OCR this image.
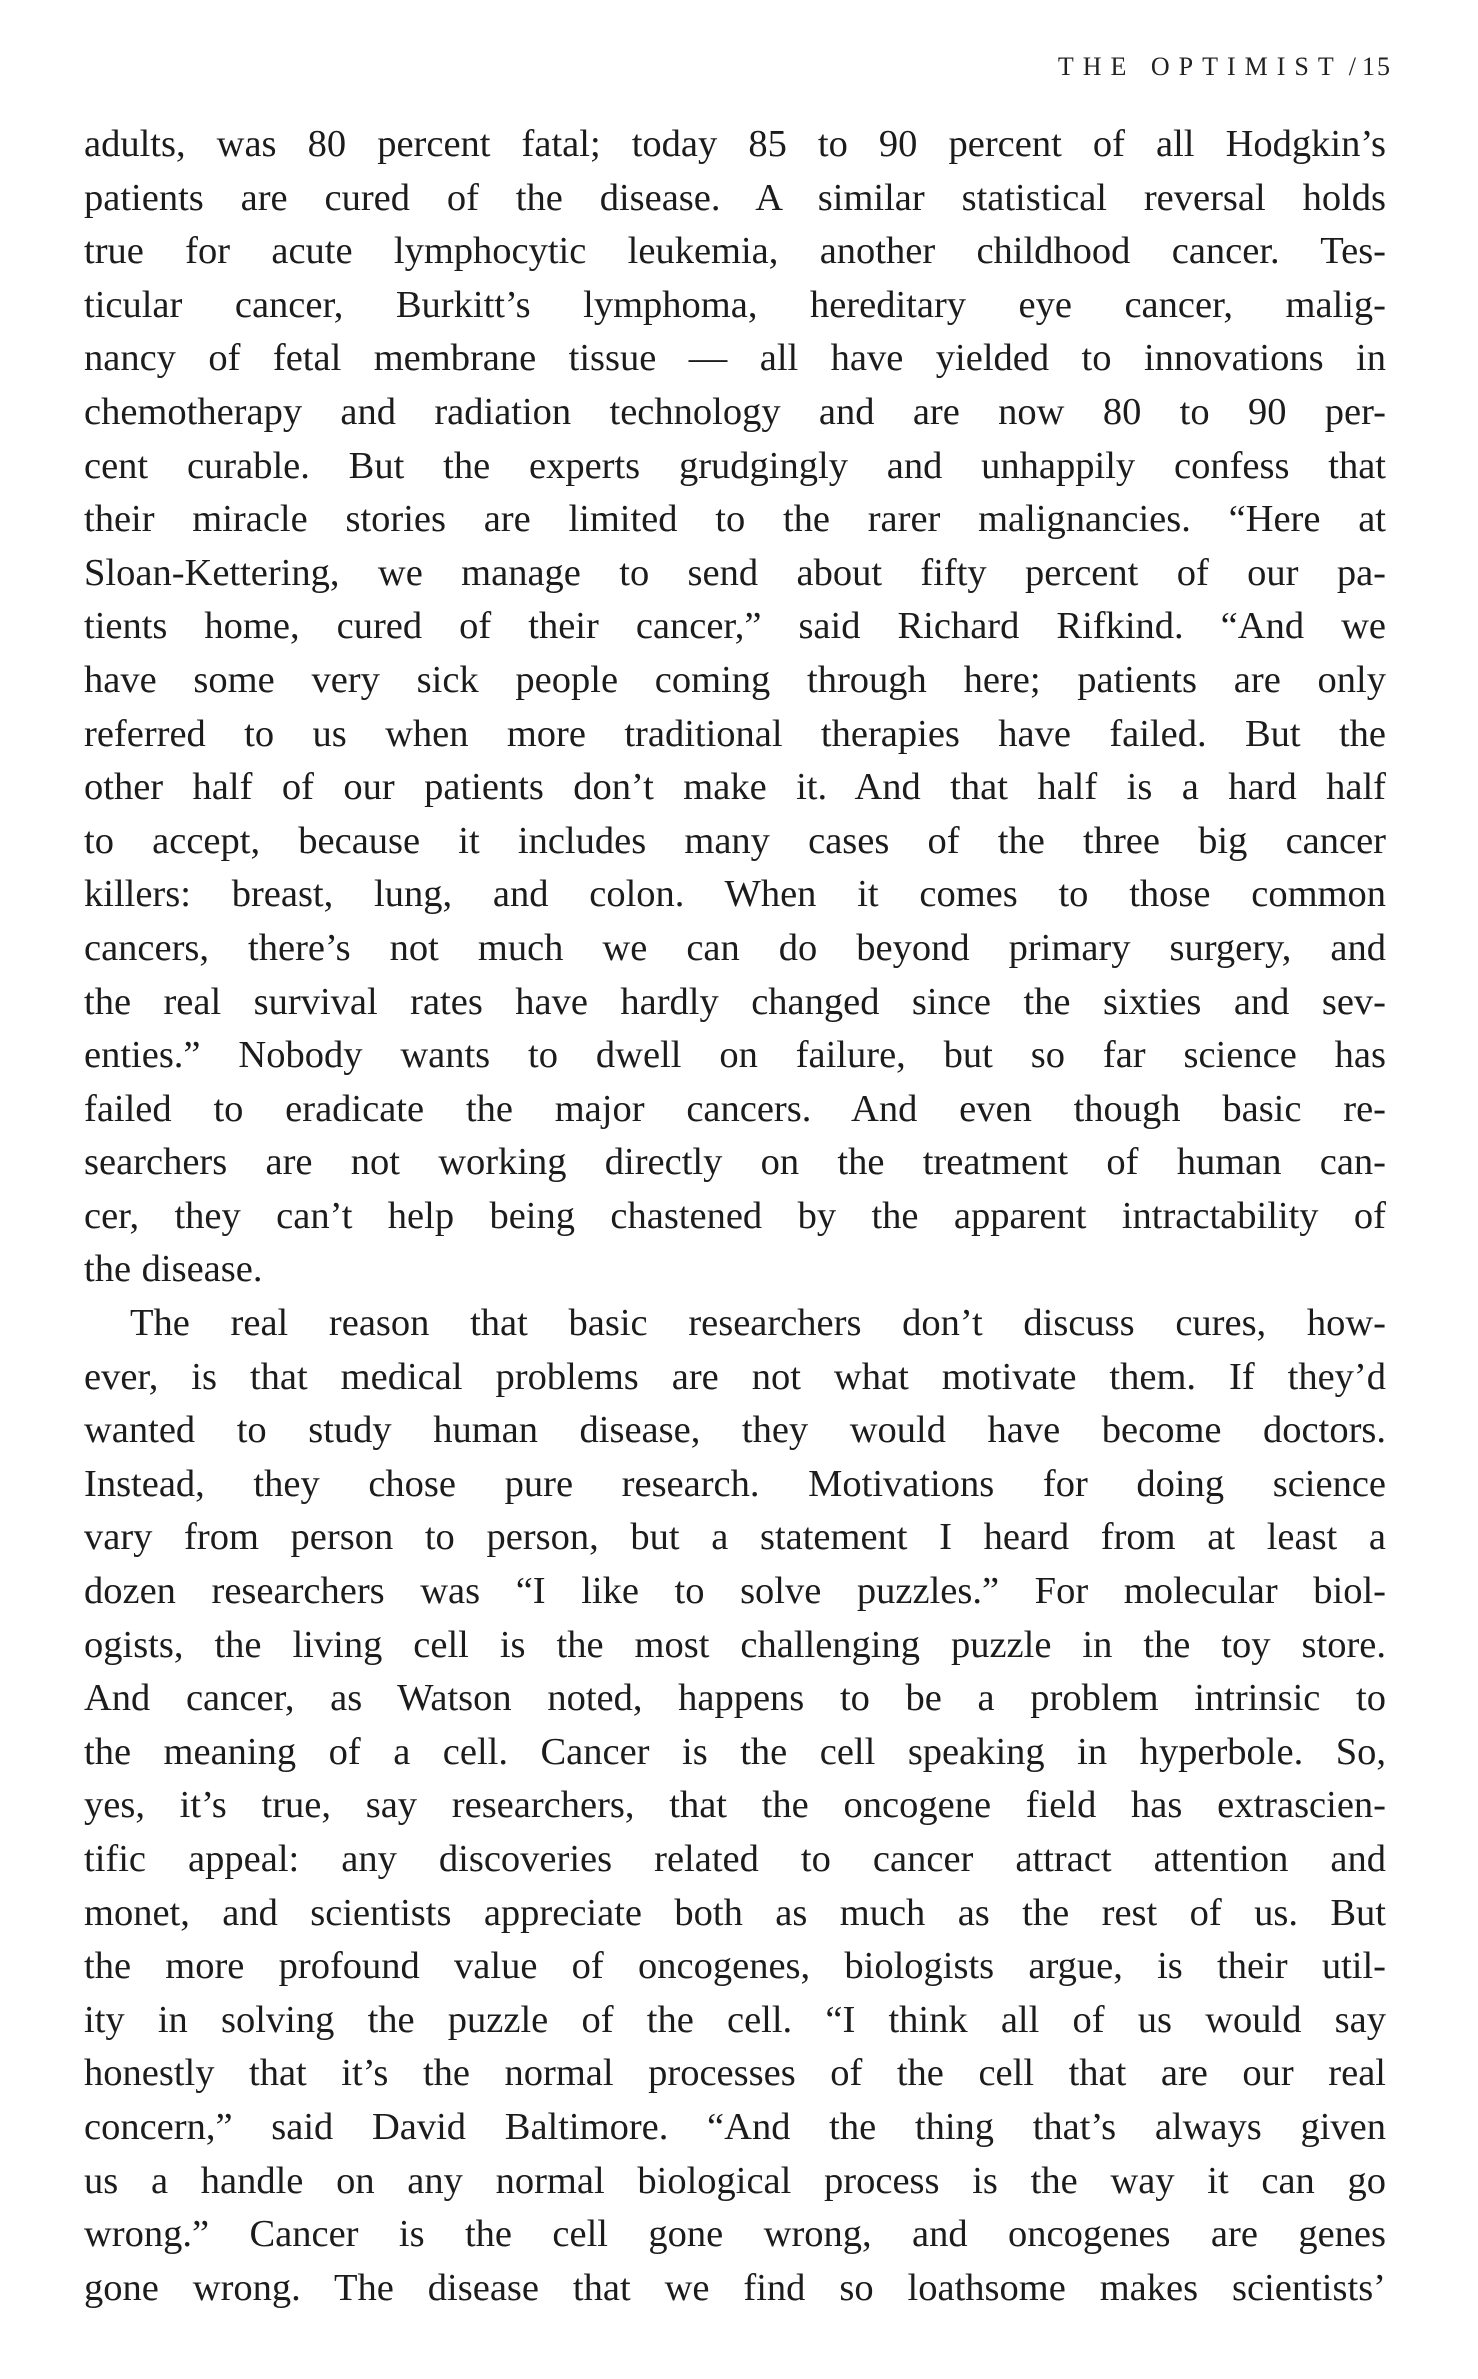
THE OPTIMIST / 15
adults, was 80 percent fatal; today 85 to 90 percent of all Hodgkin’s
patients are cured of the disease. A similar statistical reversal holds
true for acute lymphocytic leukemia, another childhood cancer. Tes-
ticular cancer, Burkitt’s lymphoma, hereditary eye cancer, malig-
nancy of fetal membrane tissue — all have yielded to innovations in
chemotherapy and radiation technology and are now 80 to 90 per-
cent curable. But the experts grudgingly and unhappily confess that
their miracle stories are limited to the rarer malignancies. “Here at
Sloan-Kettering, we manage to send about fifty percent of our pa-
tients home, cured of their cancer,” said Richard Rifkind. “And we
have some very sick people coming through here; patients are only
referred to us when more traditional therapies have failed. But the
other half of our patients don’t make it. And that half is a hard half
to accept, because it includes many cases of the three big cancer
killers: breast, lung, and colon. When it comes to those common
cancers, there’s not much we can do beyond primary surgery, and
the real survival rates have hardly changed since the sixties and sev-
enties.” Nobody wants to dwell on failure, but so far science has
failed to eradicate the major cancers. And even though basic re-
searchers are not working directly on the treatment of human can-
cer, they can’t help being chastened by the apparent intractability of
the disease.
The real reason that basic researchers don’t discuss cures, how-
ever, is that medical problems are not what motivate them. If they’d
wanted to study human disease, they would have become doctors.
Instead, they chose pure research. Motivations for doing science
vary from person to person, but a statement I heard from at least a
dozen researchers was “I like to solve puzzles.” For molecular biol-
ogists, the living cell is the most challenging puzzle in the toy store.
And cancer, as Watson noted, happens to be a problem intrinsic to
the meaning of a cell. Cancer is the cell speaking in hyperbole. So,
yes, it’s true, say researchers, that the oncogene field has extrascien-
tific appeal: any discoveries related to cancer attract attention and
monet, and scientists appreciate both as much as the rest of us. But
the more profound value of oncogenes, biologists argue, is their util-
ity in solving the puzzle of the cell. “I think all of us would say
honestly that it’s the normal processes of the cell that are our real
concern,” said David Baltimore. “And the thing that’s always given
us a handle on any normal biological process is the way it can go
wrong.” Cancer is the cell gone wrong, and oncogenes are genes
gone wrong. The disease that we find so loathsome makes scientists’
